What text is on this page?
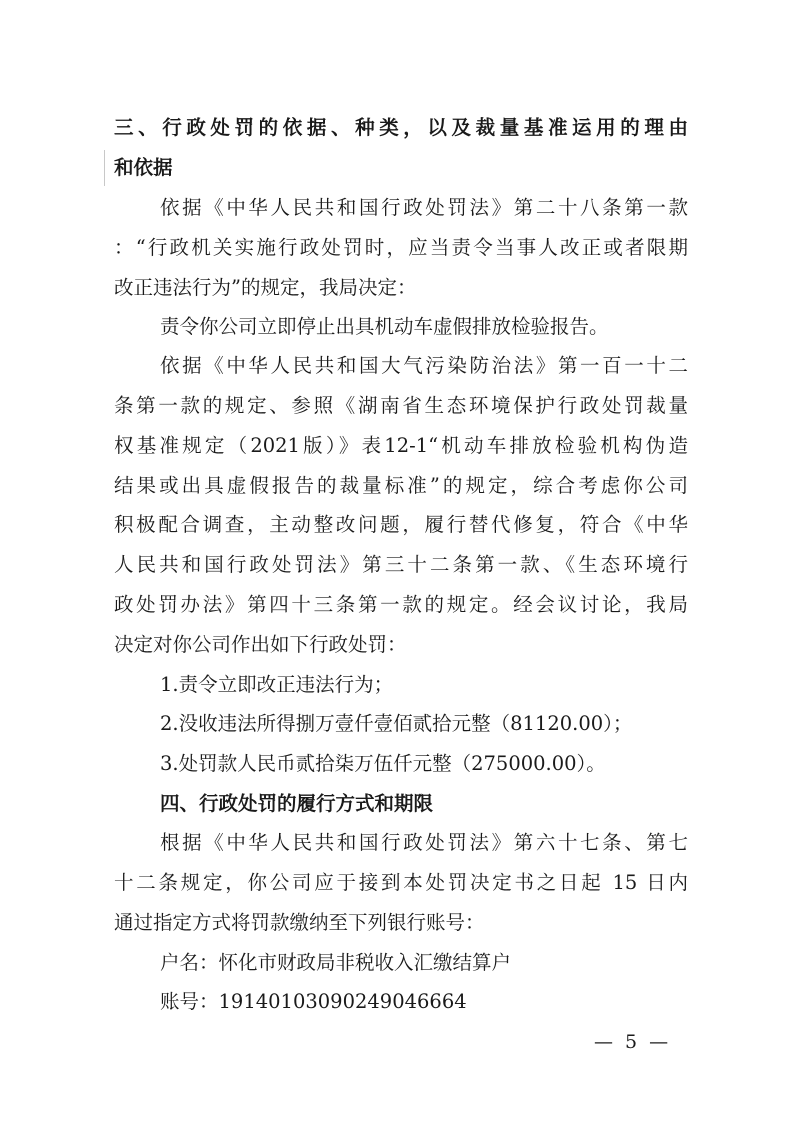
三、行政处罚的依据、种类，以及裁量基准运用的理由
和依据
依据《中华人民共和国行政处罚法》第二十八条第一款
：“行政机关实施行政处罚时，应当责令当事人改正或者限期
改正违法行为”的规定，我局决定：
责令你公司立即停止出具机动车虚假排放检验报告。
依据《中华人民共和国大气污染防治法》第一百一十二
条第一款的规定、参照《湖南省生态环境保护行政处罚裁量
权基准规定（2021版）》表12-1“机动车排放检验机构伪造
结果或出具虚假报告的裁量标准”的规定，综合考虑你公司
积极配合调查，主动整改问题，履行替代修复，符合《中华
人民共和国行政处罚法》第三十二条第一款、《生态环境行
政处罚办法》第四十三条第一款的规定。经会议讨论，我局
决定对你公司作出如下行政处罚：
1.责令立即改正违法行为；
2.没收违法所得捌万壹仟壹佰贰拾元整（81120.00）；
3.处罚款人民币贰拾柒万伍仟元整（275000.00）。
四、行政处罚的履行方式和期限
根据《中华人民共和国行政处罚法》第六十七条、第七
十二条规定，你公司应于接到本处罚决定书之日起 15 日内
通过指定方式将罚款缴纳至下列银行账号：
户名：怀化市财政局非税收入汇缴结算户
账号：19140103090249046664
— 5 —
